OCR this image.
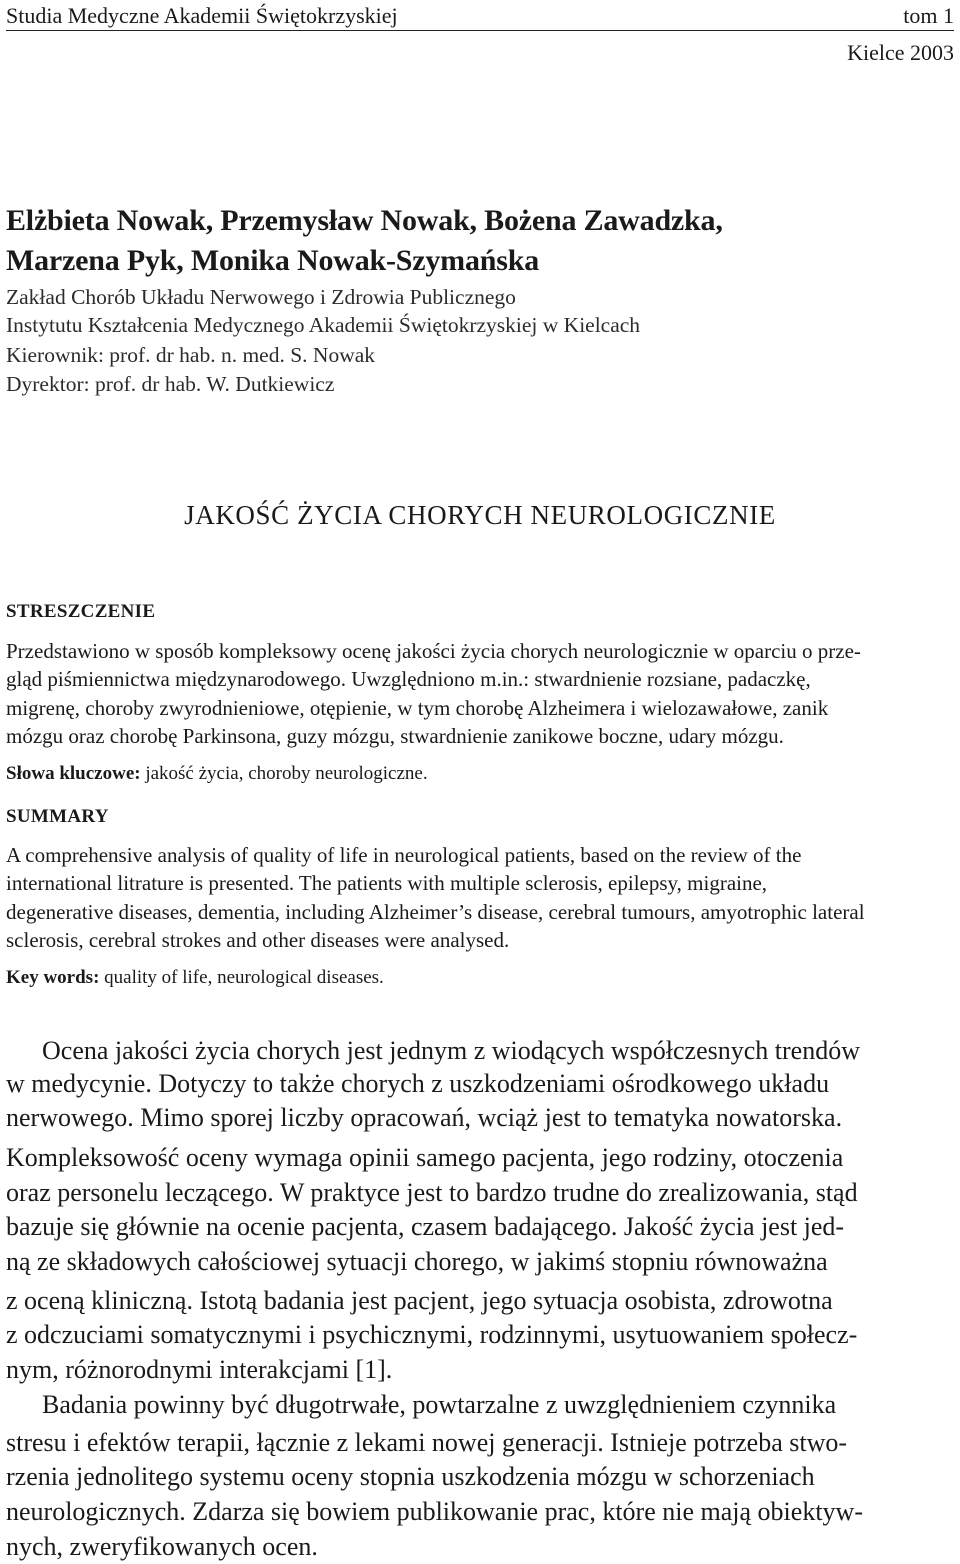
Studia Medyczne Akademii Świętokrzyskiej	tom 1
Kielce 2003
Elżbieta Nowak, Przemysław Nowak, Bożena Zawadzka,
Marzena Pyk, Monika Nowak-Szymańska
Zakład Chorób Układu Nerwowego i Zdrowia Publicznego
Instytutu Kształcenia Medycznego Akademii Świętokrzyskiej w Kielcach
Kierownik: prof. dr hab. n. med. S. Nowak
Dyrektor: prof. dr hab. W. Dutkiewicz
JAKOŚĆ ŻYCIA CHORYCH NEUROLOGICZNIE
STRESZCZENIE
Przedstawiono w sposób kompleksowy ocenę jakości życia chorych neurologicznie w oparciu o prze-
gląd piśmiennictwa międzynarodowego. Uwzględniono m.in.: stwardnienie rozsiane, padaczkę,
migrenę, choroby zwyrodnieniowe, otępienie, w tym chorobę Alzheimera i wielozawałowe, zanik
mózgu oraz chorobę Parkinsona, guzy mózgu, stwardnienie zanikowe boczne, udary mózgu.
Słowa kluczowe: jakość życia, choroby neurologiczne.
SUMMARY
A comprehensive analysis of quality of life in neurological patients, based on the review of the
international litrature is presented. The patients with multiple sclerosis, epilepsy, migraine,
degenerative diseases, dementia, including Alzheimer’s disease, cerebral tumours, amyotrophic lateral
sclerosis, cerebral strokes and other diseases were analysed.
Key words: quality of life, neurological diseases.
Ocena jakości życia chorych jest jednym z wiodących współczesnych trendów
w medycynie. Dotyczy to także chorych z uszkodzeniami ośrodkowego układu
nerwowego. Mimo sporej liczby opracowań, wciąż jest to tematyka nowatorska.
Kompleksowość oceny wymaga opinii samego pacjenta, jego rodziny, otoczenia
oraz personelu leczącego. W praktyce jest to bardzo trudne do zrealizowania, stąd
bazuje się głównie na ocenie pacjenta, czasem badającego. Jakość życia jest jed-
ną ze składowych całościowej sytuacji chorego, w jakimś stopniu równoważna
z oceną kliniczną. Istotą badania jest pacjent, jego sytuacja osobista, zdrowotna
z odczuciami somatycznymi i psychicznymi, rodzinnymi, usytuowaniem społecz-
nym, różnorodnymi interakcjami [1].
Badania powinny być długotrwałe, powtarzalne z uwzględnieniem czynnika
stresu i efektów terapii, łącznie z lekami nowej generacji. Istnieje potrzeba stwo-
rzenia jednolitego systemu oceny stopnia uszkodzenia mózgu w schorzeniach
neurologicznych. Zdarza się bowiem publikowanie prac, które nie mają obiektyw-
nych, zweryfikowanych ocen.
